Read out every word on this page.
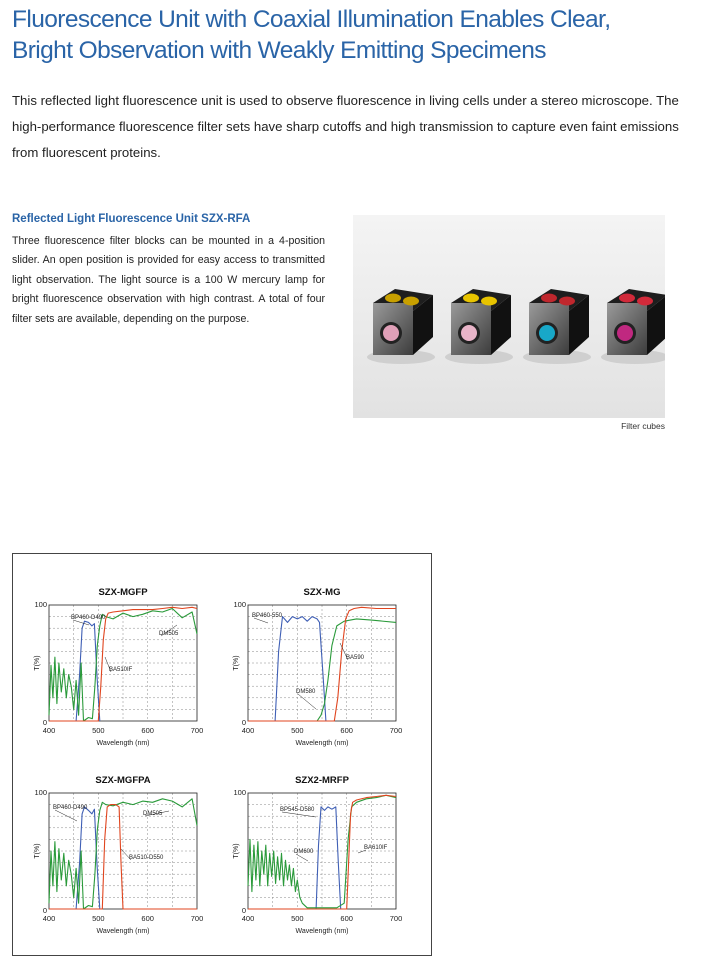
Fluorescence Unit with Coaxial Illumination Enables Clear,
Bright Observation with Weakly Emitting Specimens

This reflected light fluorescence unit is used to observe fluorescence in living cells under a stereo microscope. The high-performance fluorescence filter sets have sharp cutoffs and high transmission to capture even faint emissions from fluorescent proteins.

Reflected Light Fluorescence Unit SZX-RFA

Three fluorescence filter blocks can be mounted in a 4-position slider. An open position is provided for easy access to transmitted light observation. The light source is a 100 W mercury lamp for bright fluorescence observation with high contrast. A total of four filter sets are available, depending on the purpose.

Filter cubes
SZX-MGFP
400	500	600	700
0
100
Wavelength (nm)
T(%)
BP460-D490
DM505
BA510IF
SZX-MG
400	500	600	700
0
100
Wavelength (nm)
T(%)
BP460-550
BA590
DM580
SZX-MGFPA
400	500	600	700
0
100
Wavelength (nm)
T(%)
BP460-D490
DM505
BA510-D550
SZX2-MRFP
400	500	600	700
0
100
Wavelength (nm)
T(%)
BP545-D580
DM600
BA610IF
